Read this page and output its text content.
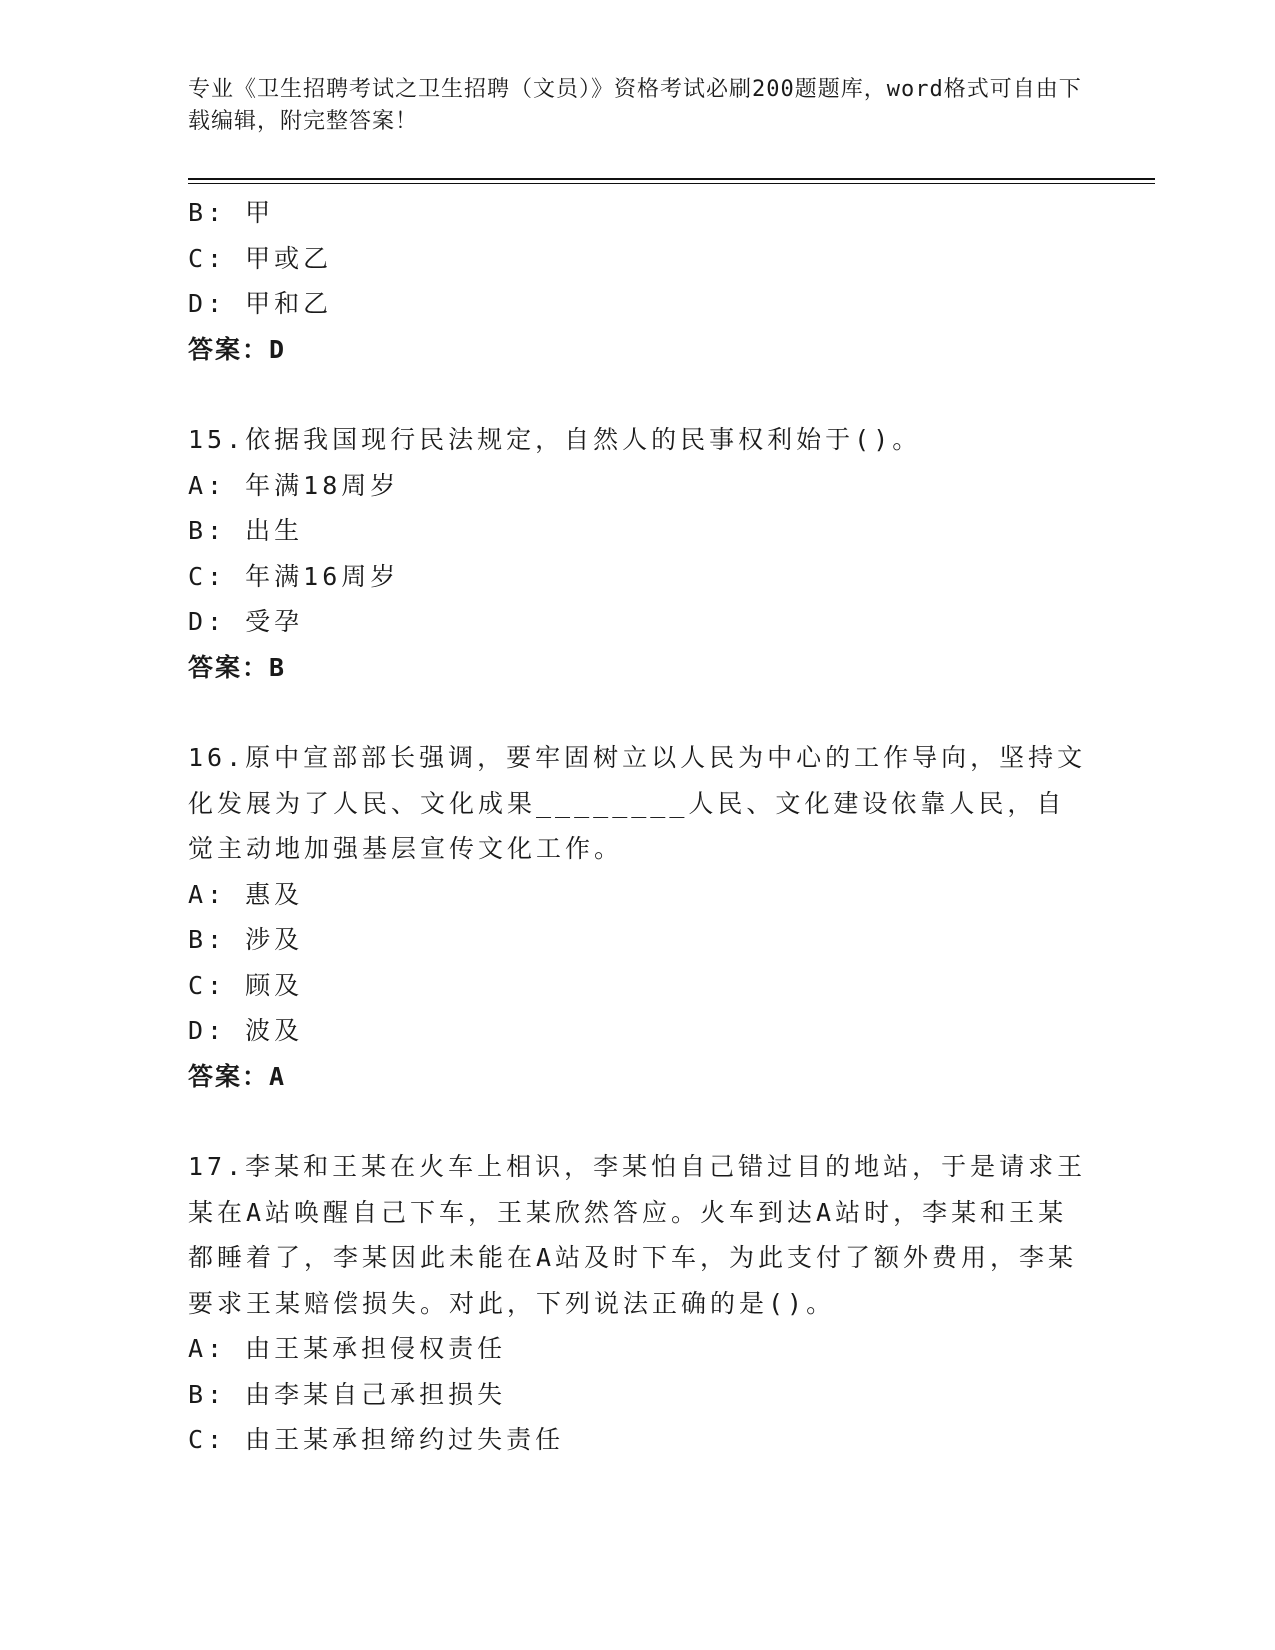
专业《卫生招聘考试之卫生招聘（文员）》资格考试必刷200题题库，word格式可自由下载编辑，附完整答案！
B: 甲
C: 甲或乙
D: 甲和乙
答案：D
15.依据我国现行民法规定，自然人的民事权利始于()。
A: 年满18周岁
B: 出生
C: 年满16周岁
D: 受孕
答案：B
16.原中宣部部长强调，要牢固树立以人民为中心的工作导向，坚持文化发展为了人民、文化成果________人民、文化建设依靠人民，自觉主动地加强基层宣传文化工作。
A: 惠及
B: 涉及
C: 顾及
D: 波及
答案：A
17.李某和王某在火车上相识，李某怕自己错过目的地站，于是请求王某在A站唤醒自己下车，王某欣然答应。火车到达A站时，李某和王某都睡着了，李某因此未能在A站及时下车，为此支付了额外费用，李某要求王某赔偿损失。对此，下列说法正确的是()。
A: 由王某承担侵权责任
B: 由李某自己承担损失
C: 由王某承担缔约过失责任
